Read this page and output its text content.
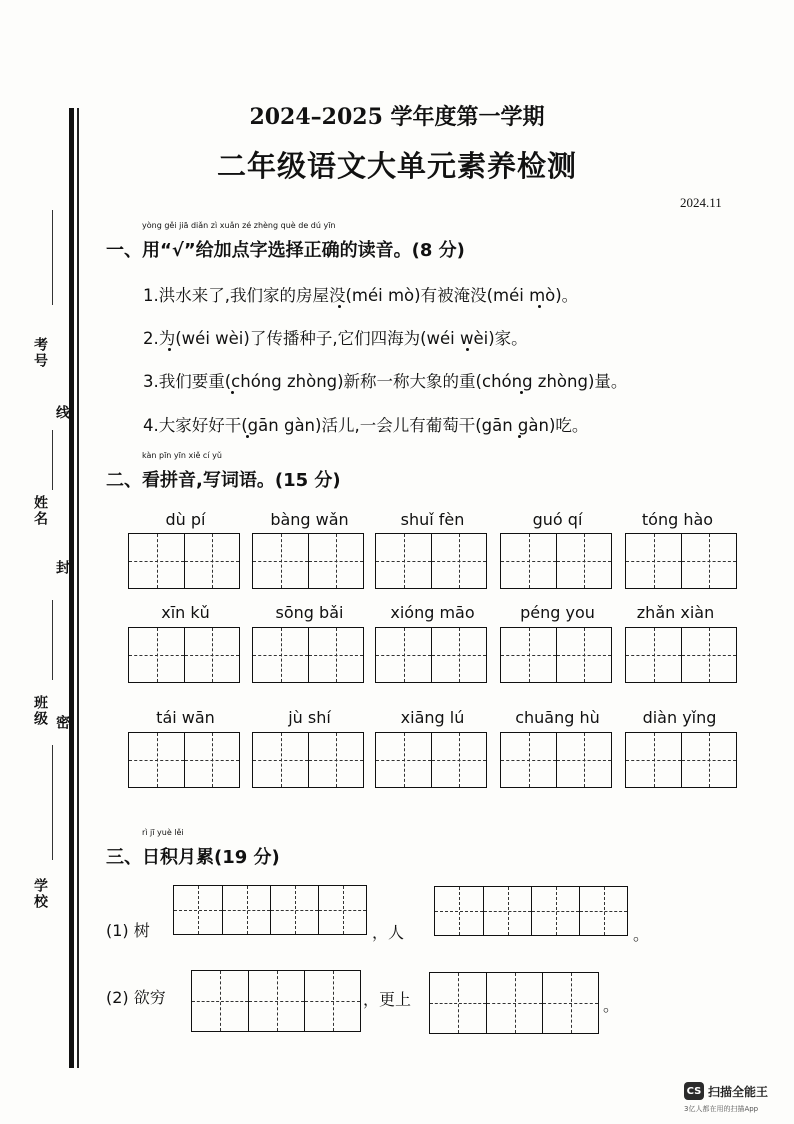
考号
线
姓名
封
班级 密
学校
2024–2025 学年度第一学期
二年级语文大单元素养检测
2024.11
一、
yòng gěi jiā diǎn zì xuǎn zé zhèng què de dú yīn
用“√”给加点字选择正确的读音。(8 分)
1.洪水来了,我们家的房屋没(méi mò)有被淹没(méi mò)。
2.为(wéi wèi)了传播种子,它们四海为(wéi wèi)家。
3.我们要重(chóng zhòng)新称一称大象的重(chóng zhòng)量。
4.大家好好干(gān gàn)活儿,一会儿有葡萄干(gān gàn)吃。
二、
kàn pīn yīn xiě cí yǔ
看拼音,写词语。(15 分)
dù pí	bàng wǎn	shuǐ fèn	guó qí	tóng hào
xīn kǔ	sōng bǎi	xióng māo	péng you	zhǎn xiàn
tái wān	jù shí	xiāng lú	chuāng hù	diàn yǐng
三、
rì jī yuè lěi
日积月累(19 分)
(1) 树	，人	。
(2) 欲穷	，更上	。
CS 扫描全能王
3亿人都在用的扫描App
